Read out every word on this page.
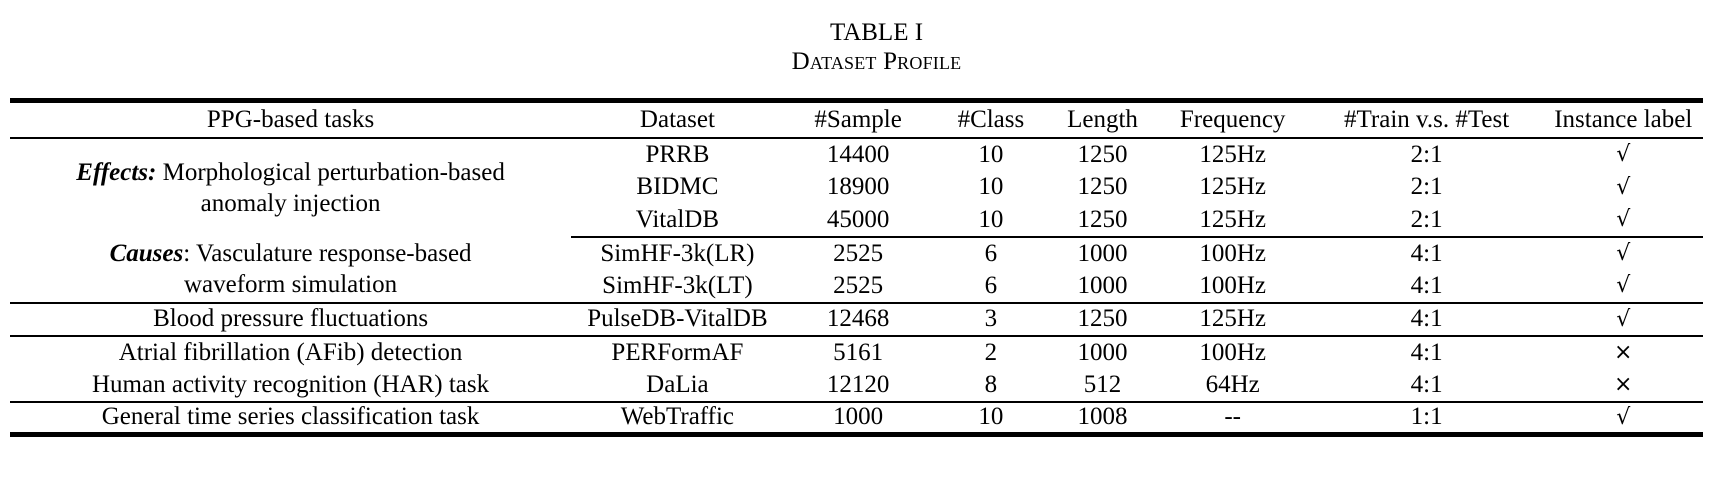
TABLE I
Dataset Profile
PPG-based tasks	Dataset	#Sample	#Class	Length	Frequency	#Train v.s. #Test	Instance label
Effects: Morphological perturbation-based
anomaly injection	PRRB	14400	10	1250	125Hz	2:1	√
	BIDMC	18900	10	1250	125Hz	2:1	√
	VitalDB	45000	10	1250	125Hz	2:1	√
Causes: Vasculature response-based
waveform simulation	SimHF-3k(LR)	2525	6	1000	100Hz	4:1	√
	SimHF-3k(LT)	2525	6	1000	100Hz	4:1	√
Blood pressure fluctuations	PulseDB-VitalDB	12468	3	1250	125Hz	4:1	√
Atrial fibrillation (AFib) detection	PERFormAF	5161	2	1000	100Hz	4:1	×
Human activity recognition (HAR) task	DaLia	12120	8	512	64Hz	4:1	×
General time series classification task	WebTraffic	1000	10	1008	--	1:1	√
